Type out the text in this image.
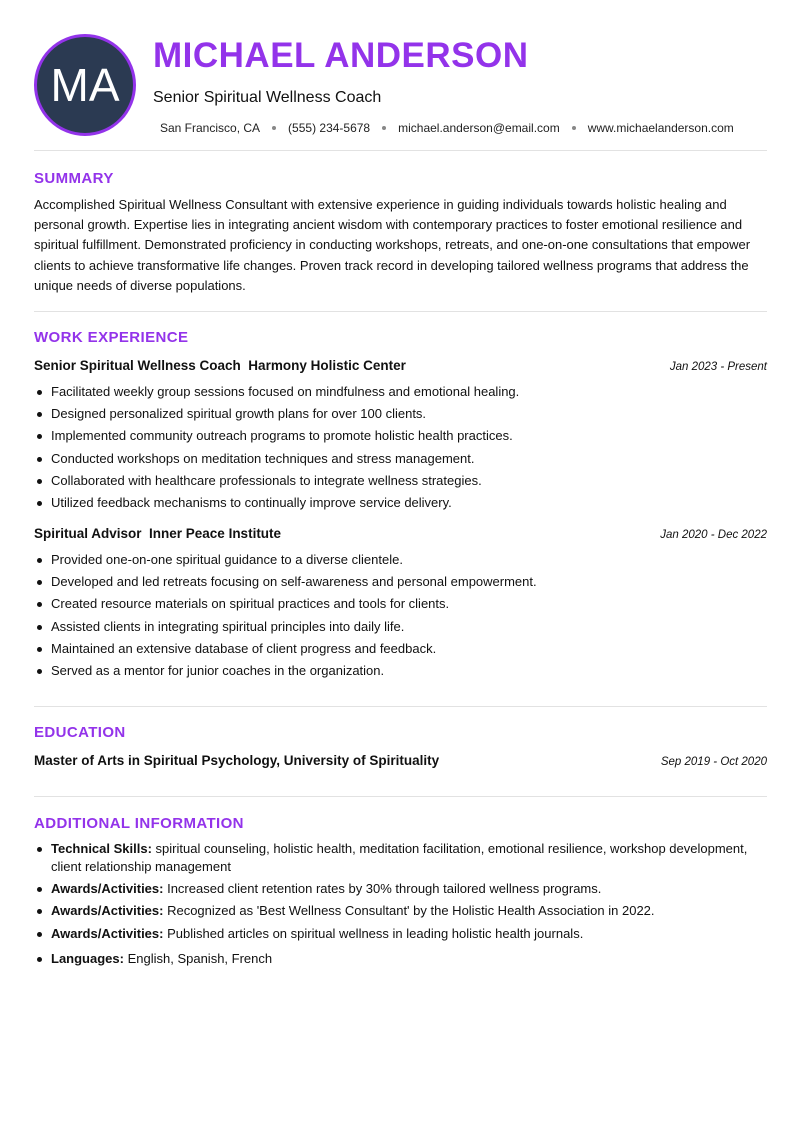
MA
MICHAEL ANDERSON
Senior Spiritual Wellness Coach
San Francisco, CA (555) 234-5678 michael.anderson@email.com www.michaelanderson.com
SUMMARY

Accomplished Spiritual Wellness Consultant with extensive experience in guiding individuals towards holistic healing and personal growth. Expertise lies in integrating ancient wisdom with contemporary practices to foster emotional resilience and spiritual fulfillment. Demonstrated proficiency in conducting workshops, retreats, and one-on-one consultations that empower clients to achieve transformative life changes. Proven track record in developing tailored wellness programs that address the unique needs of diverse populations.

WORK EXPERIENCE
Senior Spiritual Wellness Coach  Harmony Holistic Center	Jan 2023 - Present
Facilitated weekly group sessions focused on mindfulness and emotional healing.
Designed personalized spiritual growth plans for over 100 clients.
Implemented community outreach programs to promote holistic health practices.
Conducted workshops on meditation techniques and stress management.
Collaborated with healthcare professionals to integrate wellness strategies.
Utilized feedback mechanisms to continually improve service delivery.
Spiritual Advisor  Inner Peace Institute	Jan 2020 - Dec 2022
Provided one-on-one spiritual guidance to a diverse clientele.
Developed and led retreats focusing on self-awareness and personal empowerment.
Created resource materials on spiritual practices and tools for clients.
Assisted clients in integrating spiritual principles into daily life.
Maintained an extensive database of client progress and feedback.
Served as a mentor for junior coaches in the organization.
EDUCATION
Master of Arts in Spiritual Psychology, University of Spirituality	Sep 2019 - Oct 2020
ADDITIONAL INFORMATION
Technical Skills: spiritual counseling, holistic health, meditation facilitation, emotional resilience, workshop development, client relationship management
Awards/Activities: Increased client retention rates by 30% through tailored wellness programs.
Awards/Activities: Recognized as 'Best Wellness Consultant' by the Holistic Health Association in 2022.
Awards/Activities: Published articles on spiritual wellness in leading holistic health journals.
Languages: English, Spanish, French
